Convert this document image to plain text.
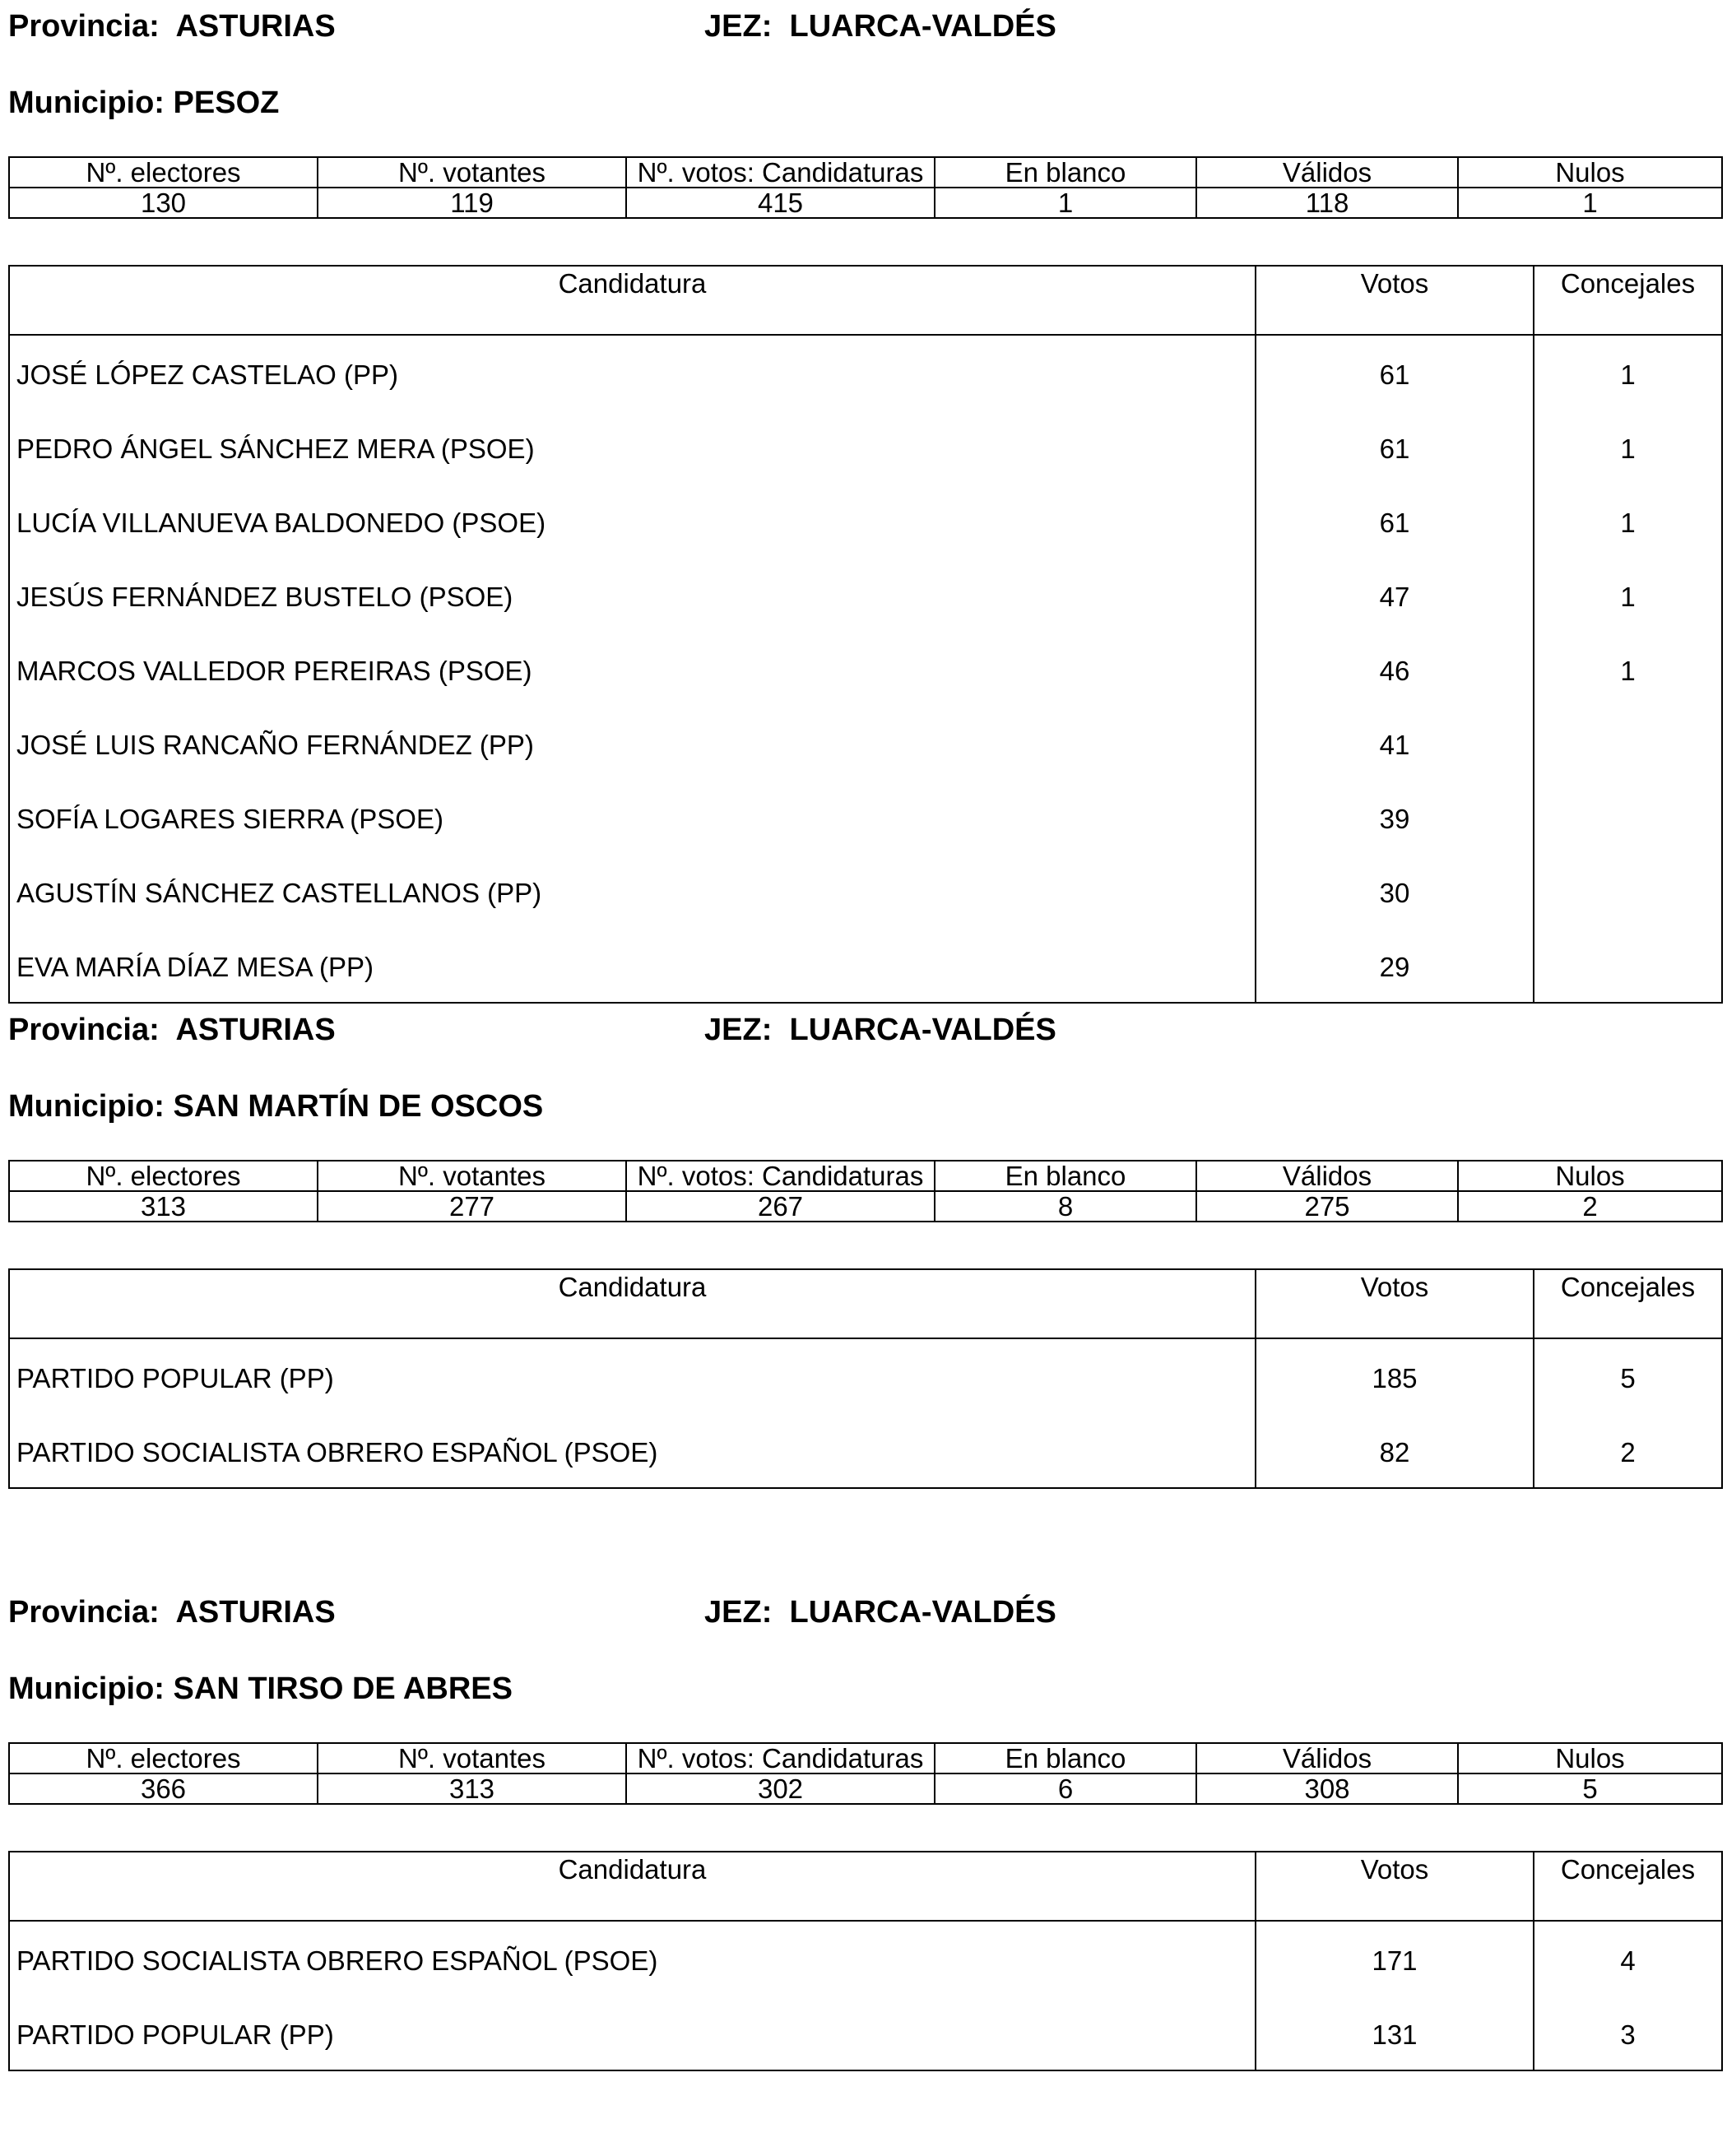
Provincia: ASTURIAS	JEZ: LUARCA-VALDÉS
Municipio: PESOZ
Nº. electores	Nº. votantes	Nº. votos: Candidaturas	En blanco	Válidos	Nulos
130	119	415	1	118	1
Candidatura	Votos	Concejales
JOSÉ LÓPEZ CASTELAO (PP)	61	1
PEDRO ÁNGEL SÁNCHEZ MERA (PSOE)	61	1
LUCÍA VILLANUEVA BALDONEDO (PSOE)	61	1
JESÚS FERNÁNDEZ BUSTELO (PSOE)	47	1
MARCOS VALLEDOR PEREIRAS (PSOE)	46	1
JOSÉ LUIS RANCAÑO FERNÁNDEZ (PP)	41	
SOFÍA LOGARES SIERRA (PSOE)	39	
AGUSTÍN SÁNCHEZ CASTELLANOS (PP)	30	
EVA MARÍA DÍAZ MESA (PP)	29	
Provincia: ASTURIAS	JEZ: LUARCA-VALDÉS
Municipio: SAN MARTÍN DE OSCOS
Nº. electores	Nº. votantes	Nº. votos: Candidaturas	En blanco	Válidos	Nulos
313	277	267	8	275	2
Candidatura	Votos	Concejales
PARTIDO POPULAR (PP)	185	5
PARTIDO SOCIALISTA OBRERO ESPAÑOL (PSOE)	82	2
Provincia: ASTURIAS	JEZ: LUARCA-VALDÉS
Municipio: SAN TIRSO DE ABRES
Nº. electores	Nº. votantes	Nº. votos: Candidaturas	En blanco	Válidos	Nulos
366	313	302	6	308	5
Candidatura	Votos	Concejales
PARTIDO SOCIALISTA OBRERO ESPAÑOL (PSOE)	171	4
PARTIDO POPULAR (PP)	131	3
